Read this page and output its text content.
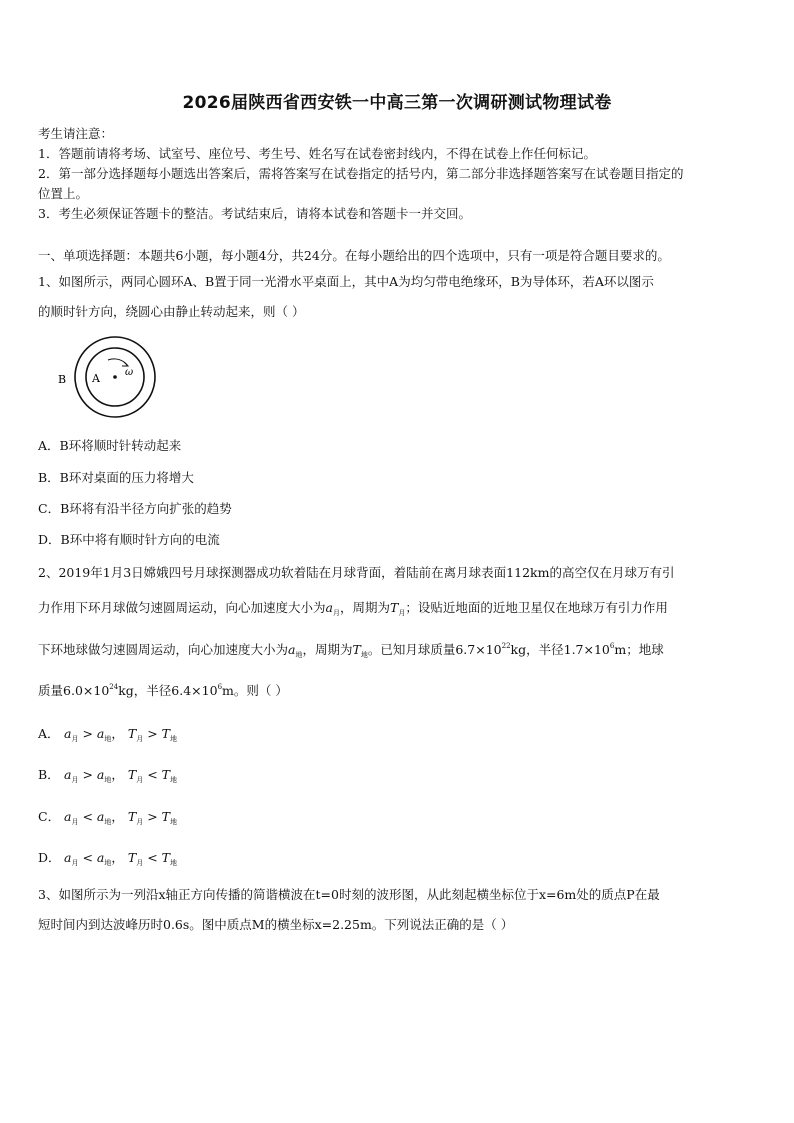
2026届陕西省西安铁一中高三第一次调研测试物理试卷
考生请注意：
1．答题前请将考场、试室号、座位号、考生号、姓名写在试卷密封线内，不得在试卷上作任何标记。
2．第一部分选择题每小题选出答案后，需将答案写在试卷指定的括号内，第二部分非选择题答案写在试卷题目指定的
位置上。
3．考生必须保证答题卡的整洁。考试结束后，请将本试卷和答题卡一并交回。
一、单项选择题：本题共6小题，每小题4分，共24分。在每小题给出的四个选项中，只有一项是符合题目要求的。
1、如图所示，两同心圆环A、B置于同一光滑水平桌面上，其中A为均匀带电绝缘环，B为导体环，若A环以图示
的顺时针方向，绕圆心由静止转动起来，则（ ）
B A	ω
A．B环将顺时针转动起来
B．B环对桌面的压力将增大
C．B环将有沿半径方向扩张的趋势
D．B环中将有顺时针方向的电流
2、2019年1月3日嫦娥四号月球探测器成功软着陆在月球背面，着陆前在离月球表面112km的高空仅在月球万有引
力作用下环月球做匀速圆周运动，向心加速度大小为$a_月$，周期为$T_月$；设贴近地面的近地卫星仅在地球万有引力作用
下环地球做匀速圆周运动，向心加速度大小为$a_地$，周期为$T_地$。已知月球质量$6.7\times 10^{22}kg$，半径$1.7\times 10^6m$；地球
质量$6.0\times 10^{24}kg$，半径$6.4\times 10^6m$。则（ ）
A． $a_月 > a_地$， $T_月 > T_地$
B． $a_月 > a_地$， $T_月 < T_地$
C． $a_月 < a_地$， $T_月 > T_地$
D． $a_月 < a_地$， $T_月 < T_地$
3、如图所示为一列沿x轴正方向传播的简谐横波在t=0时刻的波形图，从此刻起横坐标位于x=6m处的质点P在最
短时间内到达波峰历时0.6s。图中质点M的横坐标x=2.25m。下列说法正确的是（ ）
